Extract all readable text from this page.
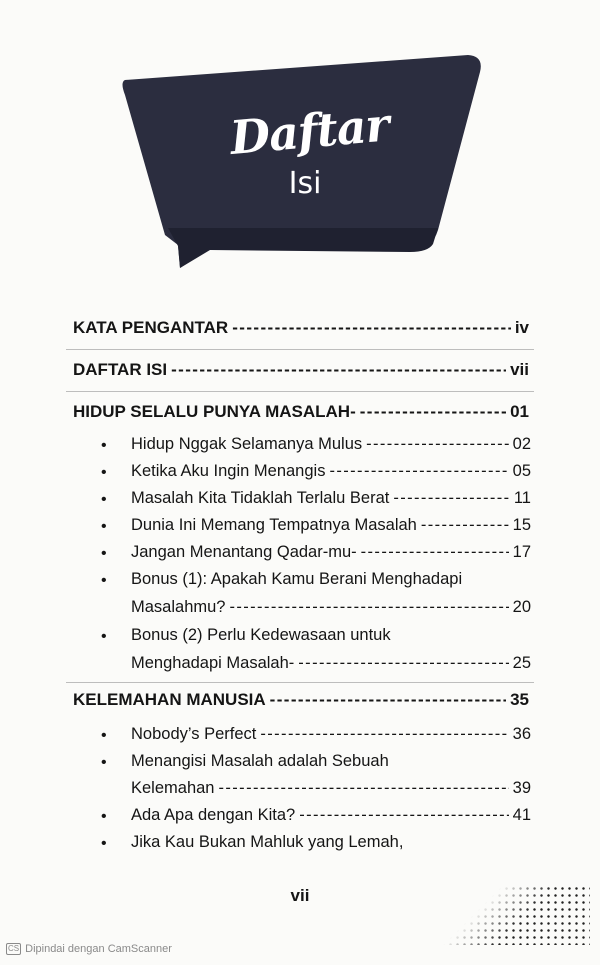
Daftar
Isi
KATA PENGANTAR -----	iv
DAFTAR ISI -----	vii
HIDUP SELALU PUNYA MASALAH- -----	01
• Hidup Nggak Selamanya Mulus -----	02
• Ketika Aku Ingin Menangis -----	05
• Masalah Kita Tidaklah Terlalu Berat -----	11
• Dunia Ini Memang Tempatnya Masalah -----	15
• Jangan Menantang Qadar-mu- -----	17
• Bonus (1): Apakah Kamu Berani Menghadapi
Masalahmu? -----	20
• Bonus (2) Perlu Kedewasaan untuk
Menghadapi Masalah- -----	25
KELEMAHAN MANUSIA -----	35
• Nobody’s Perfect -----	36
• Menangisi Masalah adalah Sebuah
Kelemahan -----	39
• Ada Apa dengan Kita? -----	41
• Jika Kau Bukan Mahluk yang Lemah,
vii
CS Dipindai dengan CamScanner
